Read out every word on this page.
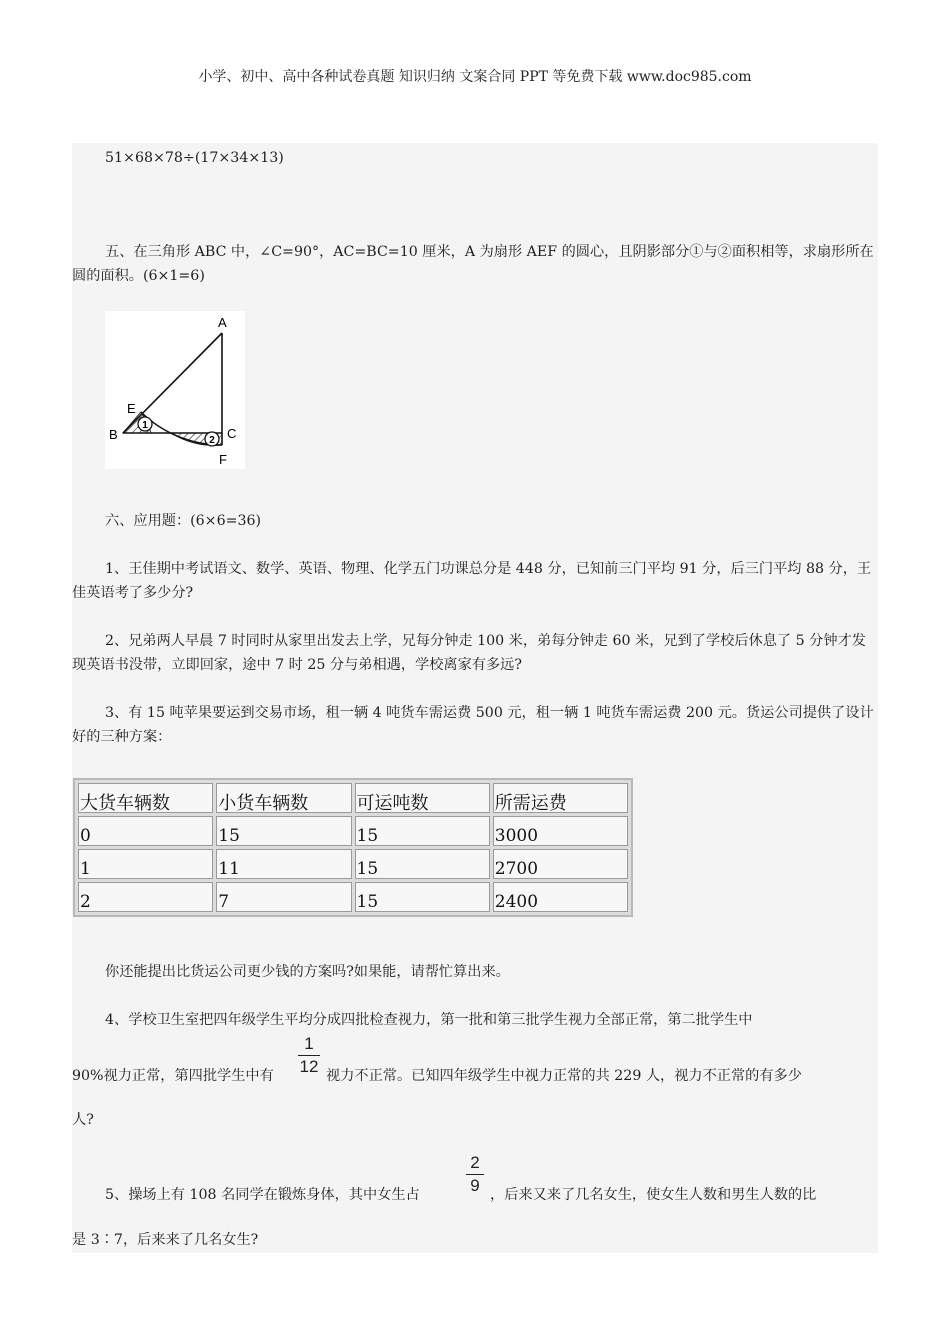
小学、初中、高中各种试卷真题 知识归纳 文案合同 PPT 等免费下载 www.doc985.com
51×68×78÷(17×34×13)
五、在三角形 ABC 中，∠C=90°，AC=BC=10 厘米，A 为扇形 AEF 的圆心，且阴影部分①与②面积相等，求扇形所在圆的面积。(6×1=6)
1
2
A
B	C
E
F
六、应用题：(6×6=36)
1、王佳期中考试语文、数学、英语、物理、化学五门功课总分是 448 分，已知前三门平均 91 分，后三门平均 88 分，王佳英语考了多少分?
2、兄弟两人早晨 7 时同时从家里出发去上学，兄每分钟走 100 米，弟每分钟走 60 米，兄到了学校后休息了 5 分钟才发现英语书没带，立即回家，途中 7 时 25 分与弟相遇，学校离家有多远?
3、有 15 吨苹果要运到交易市场，租一辆 4 吨货车需运费 500 元，租一辆 1 吨货车需运费 200 元。货运公司提供了设计好的三种方案：
大货车辆数	小货车辆数	可运吨数	所需运费
0	15	15	3000
1	11	15	2700
2	7	15	2400
你还能提出比货运公司更少钱的方案吗?如果能，请帮忙算出来。
4、学校卫生室把四年级学生平均分成四批检查视力，第一批和第三批学生视力全部正常，第二批学生中
90%视力正常，第四批学生中有
1
12 视力不正常。已知四年级学生中视力正常的共 229 人，视力不正常的有多少
人?
5、操场上有 108 名同学在锻炼身体，其中女生占
2
9 ，后来又来了几名女生，使女生人数和男生人数的比
是 3∶7，后来来了几名女生?
